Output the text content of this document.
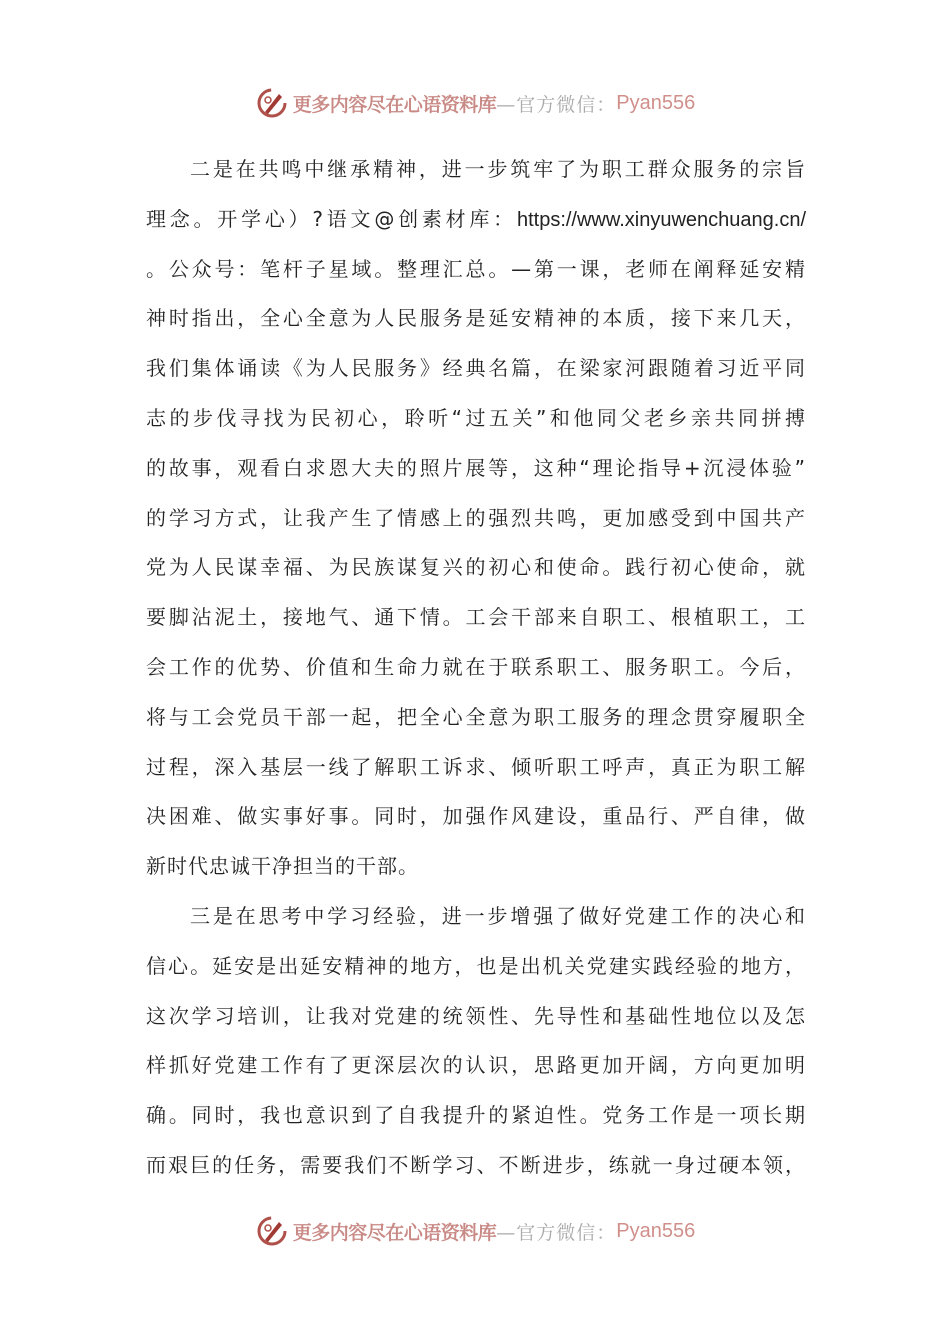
更多内容尽在心语资料库 —官方微信： Pyan556
二是在共鸣中继承精神，进一步筑牢了为职工群众服务的宗旨
理念。开学心）?语文@创素材库：https://www.xinyuwenchuang.cn/
。公众号：笔杆子星域。整理汇总。—第一课，老师在阐释延安精
神时指出，全心全意为人民服务是延安精神的本质，接下来几天，
我们集体诵读《为人民服务》经典名篇，在梁家河跟随着习近平同
志的步伐寻找为民初心，聆听“过五关”和他同父老乡亲共同拼搏
的故事，观看白求恩大夫的照片展等，这种“理论指导+沉浸体验”
的学习方式，让我产生了情感上的强烈共鸣，更加感受到中国共产
党为人民谋幸福、为民族谋复兴的初心和使命。践行初心使命，就
要脚沾泥土，接地气、通下情。工会干部来自职工、根植职工，工
会工作的优势、价值和生命力就在于联系职工、服务职工。今后，
将与工会党员干部一起，把全心全意为职工服务的理念贯穿履职全
过程，深入基层一线了解职工诉求、倾听职工呼声，真正为职工解
决困难、做实事好事。同时，加强作风建设，重品行、严自律，做
新时代忠诚干净担当的干部。
三是在思考中学习经验，进一步增强了做好党建工作的决心和
信心。延安是出延安精神的地方，也是出机关党建实践经验的地方，
这次学习培训，让我对党建的统领性、先导性和基础性地位以及怎
样抓好党建工作有了更深层次的认识，思路更加开阔，方向更加明
确。同时，我也意识到了自我提升的紧迫性。党务工作是一项长期
而艰巨的任务，需要我们不断学习、不断进步，练就一身过硬本领，
更多内容尽在心语资料库 —官方微信： Pyan556
